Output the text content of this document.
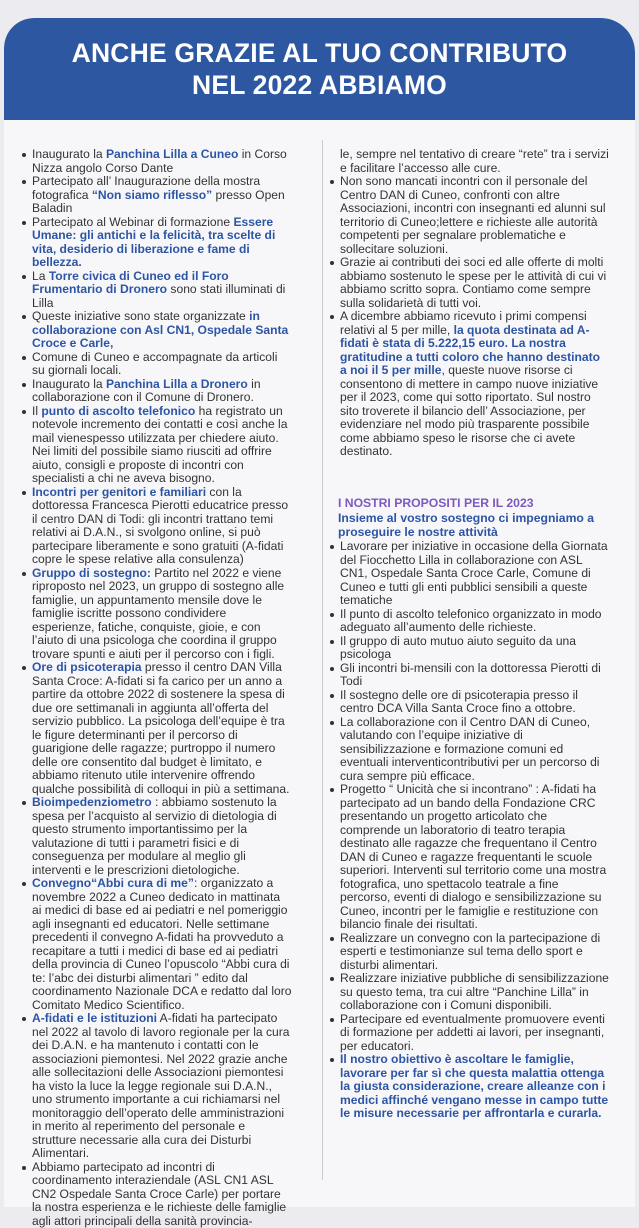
ANCHE GRAZIE AL TUO CONTRIBUTO
NEL 2022 ABBIAMO
Inaugurato la Panchina Lilla a Cuneo in Corso Nizza angolo Corso Dante
Partecipato all’ Inaugurazione della mostra fotografica “Non siamo riflesso” presso Open Baladin
Partecipato al Webinar di formazione Essere Umane: gli antichi e la felicità, tra scelte di vita, desiderio di liberazione e fame di bellezza.
La Torre civica di Cuneo ed il Foro Frumentario di Dronero sono stati illuminati di Lilla
Queste iniziative sono state organizzate in collaborazione con Asl CN1, Ospedale Santa Croce e Carle,
Comune di Cuneo e accompagnate da articoli su giornali locali.
Inaugurato la Panchina Lilla a Dronero in collaborazione con il Comune di Dronero.
Il punto di ascolto telefonico ha registrato un notevole incremento dei contatti e così anche la mail vienespesso utilizzata per chiedere aiuto. Nei limiti del possibile siamo riusciti ad offrire aiuto, consigli e proposte di incontri con specialisti a chi ne aveva bisogno.
Incontri per genitori e familiari con la dottoressa Francesca Pierotti educatrice presso il centro DAN di Todi: gli incontri trattano temi relativi ai D.A.N., si svolgono online, si può partecipare liberamente e sono gratuiti (A-fidati copre le spese relative alla consulenza)
Gruppo di sostegno: Partito nel 2022 e viene riproposto nel 2023, un gruppo di sostegno alle famiglie, un appuntamento mensile dove le famiglie iscritte possono condividere esperienze, fatiche, conquiste, gioie, e con l’aiuto di una psicologa che coordina il gruppo trovare spunti e aiuti per il percorso con i figli.
Ore di psicoterapia presso il centro DAN Villa Santa Croce: A-fidati si fa carico per un anno a partire da ottobre 2022 di sostenere la spesa di due ore settimanali in aggiunta all’offerta del servizio pubblico. La psicologa dell’equipe è tra le figure determinanti per il percorso di guarigione delle ragazze; purtroppo il numero delle ore consentito dal budget è limitato, e abbiamo ritenuto utile intervenire offrendo qualche possibilità di colloqui in più a settimana.
Bioimpedenziometro : abbiamo sostenuto la spesa per l’acquisto al servizio di dietologia di questo strumento importantissimo per la valutazione di tutti i parametri fisici e di conseguenza per modulare al meglio gli interventi e le prescrizioni dietologiche.
Convegno“Abbi cura di me”: organizzato a novembre 2022 a Cuneo dedicato in mattinata ai medici di base ed ai pediatri e nel pomeriggio agli insegnanti ed educatori. Nelle settimane precedenti il convegno A-fidati ha provveduto a recapitare a tutti i medici di base ed ai pediatri della provincia di Cuneo l’opuscolo “Abbi cura di te: l’abc dei disturbi alimentari ” edito dal coordinamento Nazionale DCA e redatto dal loro Comitato Medico Scientifico.
A-fidati e le istituzioni A-fidati ha partecipato nel 2022 al tavolo di lavoro regionale per la cura dei D.A.N. e ha mantenuto i contatti con le associazioni piemontesi. Nel 2022 grazie anche alle sollecitazioni delle Associazioni piemontesi ha visto la luce la legge regionale sui D.A.N., uno strumento importante a cui richiamarsi nel monitoraggio dell’operato delle amministrazioni in merito al reperimento del personale e strutture necessarie alla cura dei Disturbi Alimentari.
Abbiamo partecipato ad incontri di coordinamento interaziendale (ASL CN1 ASL CN2 Ospedale Santa Croce Carle) per portare la nostra esperienza e le richieste delle famiglie agli attori principali della sanità provincia-
le, sempre nel tentativo di creare “rete” tra i servizi e facilitare l’accesso alle cure.
Non sono mancati incontri con il personale del Centro DAN di Cuneo, confronti con altre Associazioni, incontri con insegnanti ed alunni sul territorio di Cuneo;lettere e richieste alle autorità competenti per segnalare problematiche e sollecitare soluzioni.
Grazie ai contributi dei soci ed alle offerte di molti abbiamo sostenuto le spese per le attività di cui vi abbiamo scritto sopra. Contiamo come sempre sulla solidarietà di tutti voi.
A dicembre abbiamo ricevuto i primi compensi relativi al 5 per mille, la quota destinata ad A-fidati è stata di 5.222,15 euro. La nostra gratitudine a tutti coloro che hanno destinato a noi il 5 per mille, queste nuove risorse ci consentono di mettere in campo nuove iniziative per il 2023, come qui sotto riportato. Sul nostro sito troverete il bilancio dell’ Associazione, per evidenziare nel modo più trasparente possibile come abbiamo speso le risorse che ci avete destinato.
I NOSTRI PROPOSITI PER IL 2023
Insieme al vostro sostegno ci impegniamo a proseguire le nostre attività
Lavorare per iniziative in occasione della Giornata del Fiocchetto Lilla in collaborazione con ASL CN1, Ospedale Santa Croce Carle, Comune di Cuneo e tutti gli enti pubblici sensibili a queste tematiche
Il punto di ascolto telefonico organizzato in modo adeguato all’aumento delle richieste.
Il gruppo di auto mutuo aiuto seguito da una psicologa
Gli incontri bi-mensili con la dottoressa Pierotti di Todi
Il sostegno delle ore di psicoterapia presso il centro DCA Villa Santa Croce fino a ottobre.
La collaborazione con il Centro DAN di Cuneo, valutando con l’equipe iniziative di sensibilizzazione e formazione comuni ed eventuali interventicontributivi per un percorso di cura sempre più efficace.
Progetto “ Unicità che si incontrano” : A-fidati ha partecipato ad un bando della Fondazione CRC presentando un progetto articolato che comprende un laboratorio di teatro terapia destinato alle ragazze che frequentano il Centro DAN di Cuneo e ragazze frequentanti le scuole superiori. Interventi sul territorio come una mostra fotografica, uno spettacolo teatrale a fine percorso, eventi di dialogo e sensibilizzazione su Cuneo, incontri per le famiglie e restituzione con bilancio finale dei risultati.
Realizzare un convegno con la partecipazione di esperti e testimonianze sul tema dello sport e disturbi alimentari.
Realizzare iniziative pubbliche di sensibilizzazione su questo tema, tra cui altre “Panchine Lilla” in collaborazione con i Comuni disponibili.
Partecipare ed eventualmente promuovere eventi di formazione per addetti ai lavori, per insegnanti, per educatori.
Il nostro obiettivo è ascoltare le famiglie, lavorare per far sì che questa malattia ottenga la giusta considerazione, creare alleanze con i medici affinché vengano messe in campo tutte le misure necessarie per affrontarla e curarla.
